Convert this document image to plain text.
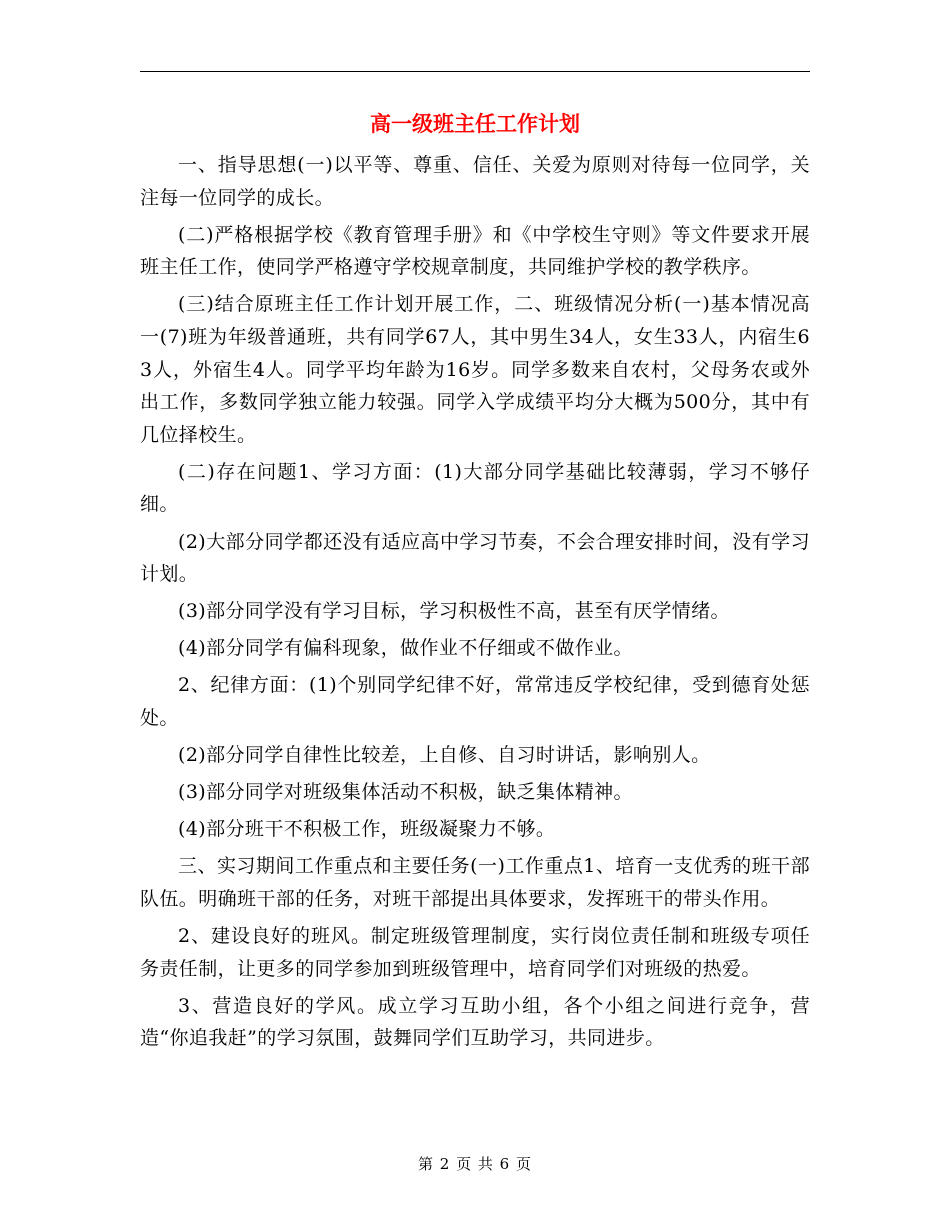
高一级班主任工作计划

一、指导思想(一)以平等、尊重、信任、关爱为原则对待每一位同学，关注每一位同学的成长。

(二)严格根据学校《教育管理手册》和《中学校生守则》等文件要求开展班主任工作，使同学严格遵守学校规章制度，共同维护学校的教学秩序。

(三)结合原班主任工作计划开展工作，二、班级情况分析(一)基本情况高一(7)班为年级普通班，共有同学67人，其中男生34人，女生33人，内宿生63人，外宿生4人。同学平均年龄为16岁。同学多数来自农村，父母务农或外出工作，多数同学独立能力较强。同学入学成绩平均分大概为500分，其中有几位择校生。

(二)存在问题1、学习方面：(1)大部分同学基础比较薄弱，学习不够仔细。

(2)大部分同学都还没有适应高中学习节奏，不会合理安排时间，没有学习计划。

(3)部分同学没有学习目标，学习积极性不高，甚至有厌学情绪。

(4)部分同学有偏科现象，做作业不仔细或不做作业。

2、纪律方面：(1)个别同学纪律不好，常常违反学校纪律，受到德育处惩处。

(2)部分同学自律性比较差，上自修、自习时讲话，影响别人。

(3)部分同学对班级集体活动不积极，缺乏集体精神。

(4)部分班干不积极工作，班级凝聚力不够。

三、实习期间工作重点和主要任务(一)工作重点1、培育一支优秀的班干部队伍。明确班干部的任务，对班干部提出具体要求，发挥班干的带头作用。

2、建设良好的班风。制定班级管理制度，实行岗位责任制和班级专项任务责任制，让更多的同学参加到班级管理中，培育同学们对班级的热爱。

3、营造良好的学风。成立学习互助小组，各个小组之间进行竞争，营造“你追我赶”的学习氛围，鼓舞同学们互助学习，共同进步。

第 2 页 共 6 页
